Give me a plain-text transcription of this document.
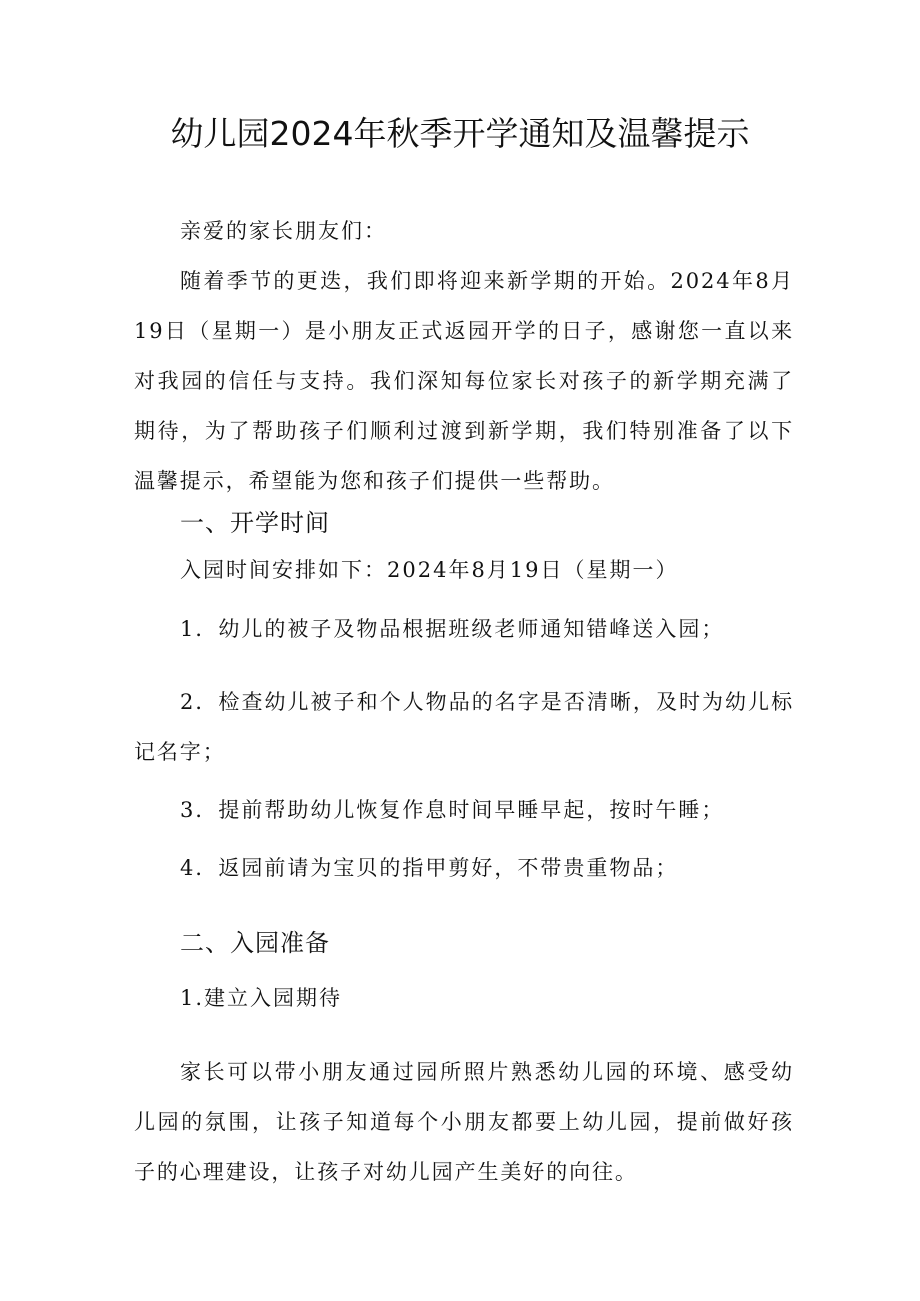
幼儿园2024年秋季开学通知及温馨提示
亲爱的家长朋友们：
随着季节的更迭，我们即将迎来新学期的开始。2024年8月19日（星期一）是小朋友正式返园开学的日子，感谢您一直以来对我园的信任与支持。我们深知每位家长对孩子的新学期充满了期待，为了帮助孩子们顺利过渡到新学期，我们特别准备了以下温馨提示，希望能为您和孩子们提供一些帮助。
一、开学时间
入园时间安排如下：2024年8月19日（星期一）
1．幼儿的被子及物品根据班级老师通知错峰送入园；
2．检查幼儿被子和个人物品的名字是否清晰，及时为幼儿标记名字；
3．提前帮助幼儿恢复作息时间早睡早起，按时午睡；
4．返园前请为宝贝的指甲剪好，不带贵重物品；
二、入园准备
1.建立入园期待
家长可以带小朋友通过园所照片熟悉幼儿园的环境、感受幼儿园的氛围，让孩子知道每个小朋友都要上幼儿园，提前做好孩子的心理建设，让孩子对幼儿园产生美好的向往。
